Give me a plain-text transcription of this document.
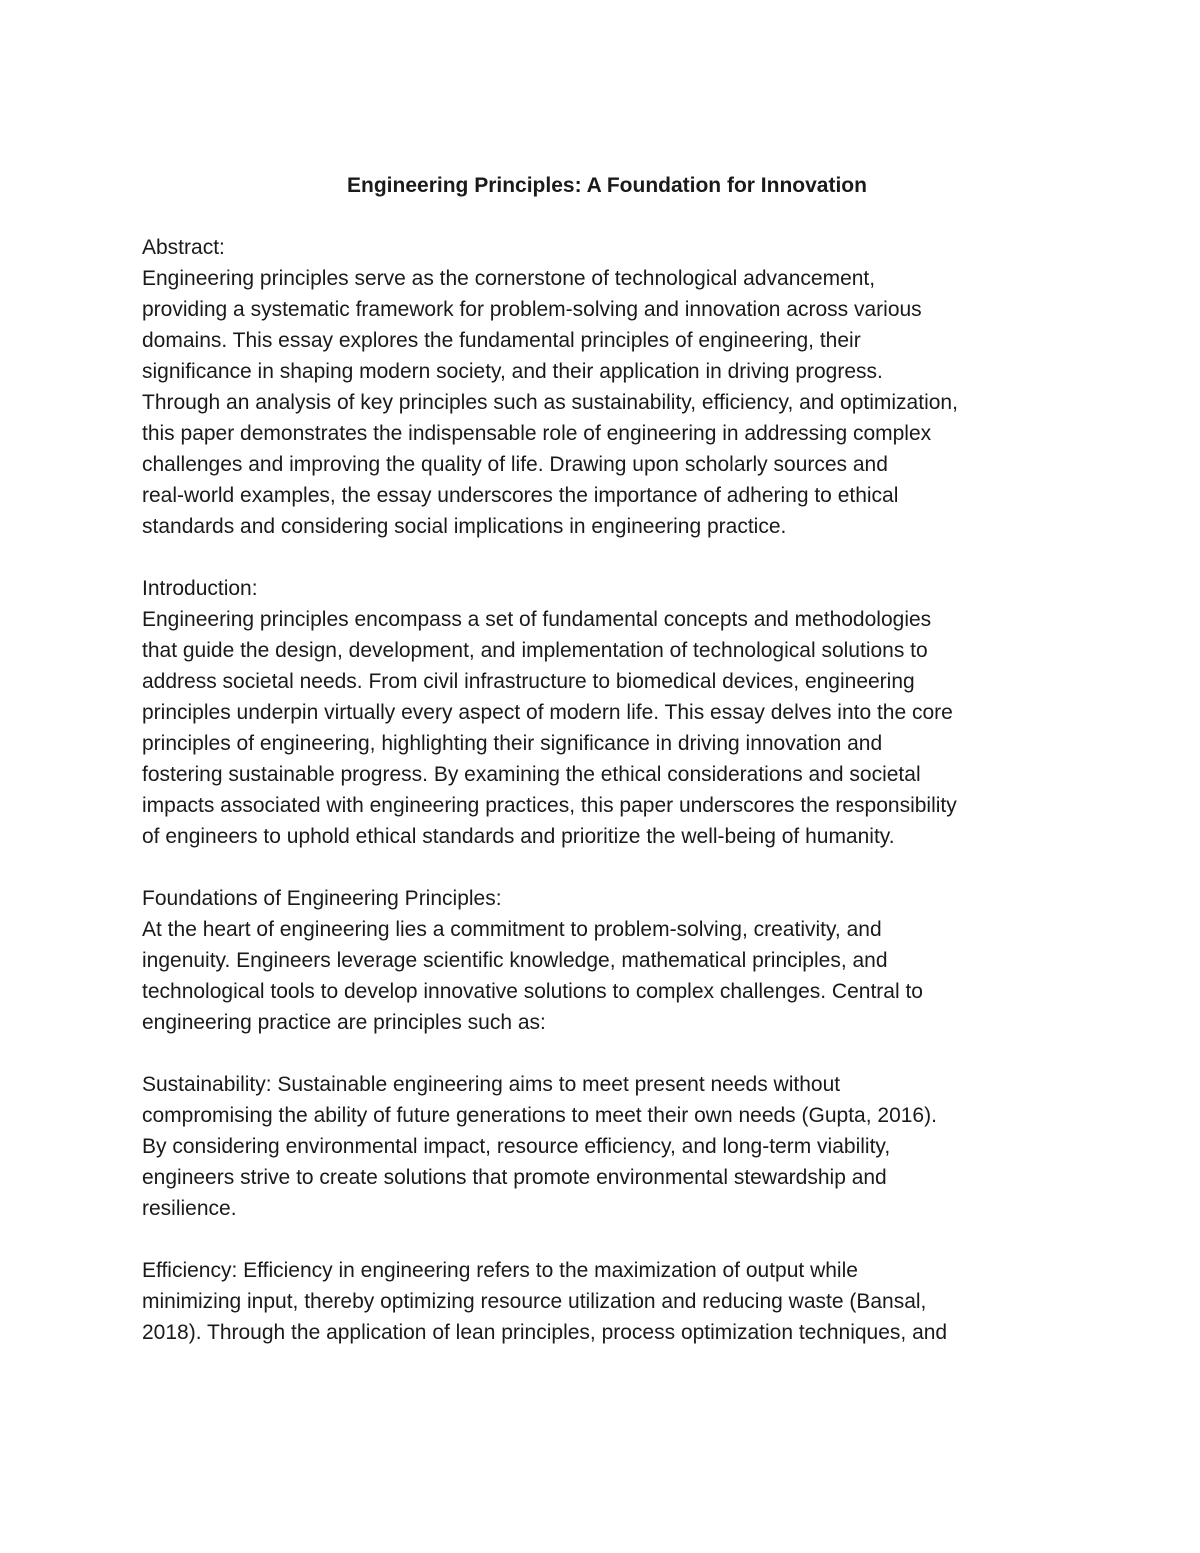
Engineering Principles: A Foundation for Innovation
Abstract:
Engineering principles serve as the cornerstone of technological advancement,
providing a systematic framework for problem-solving and innovation across various
domains. This essay explores the fundamental principles of engineering, their
significance in shaping modern society, and their application in driving progress.
Through an analysis of key principles such as sustainability, efficiency, and optimization,
this paper demonstrates the indispensable role of engineering in addressing complex
challenges and improving the quality of life. Drawing upon scholarly sources and
real-world examples, the essay underscores the importance of adhering to ethical
standards and considering social implications in engineering practice.
Introduction:
Engineering principles encompass a set of fundamental concepts and methodologies
that guide the design, development, and implementation of technological solutions to
address societal needs. From civil infrastructure to biomedical devices, engineering
principles underpin virtually every aspect of modern life. This essay delves into the core
principles of engineering, highlighting their significance in driving innovation and
fostering sustainable progress. By examining the ethical considerations and societal
impacts associated with engineering practices, this paper underscores the responsibility
of engineers to uphold ethical standards and prioritize the well-being of humanity.
Foundations of Engineering Principles:
At the heart of engineering lies a commitment to problem-solving, creativity, and
ingenuity. Engineers leverage scientific knowledge, mathematical principles, and
technological tools to develop innovative solutions to complex challenges. Central to
engineering practice are principles such as:
Sustainability: Sustainable engineering aims to meet present needs without
compromising the ability of future generations to meet their own needs (Gupta, 2016).
By considering environmental impact, resource efficiency, and long-term viability,
engineers strive to create solutions that promote environmental stewardship and
resilience.
Efficiency: Efficiency in engineering refers to the maximization of output while
minimizing input, thereby optimizing resource utilization and reducing waste (Bansal,
2018). Through the application of lean principles, process optimization techniques, and
